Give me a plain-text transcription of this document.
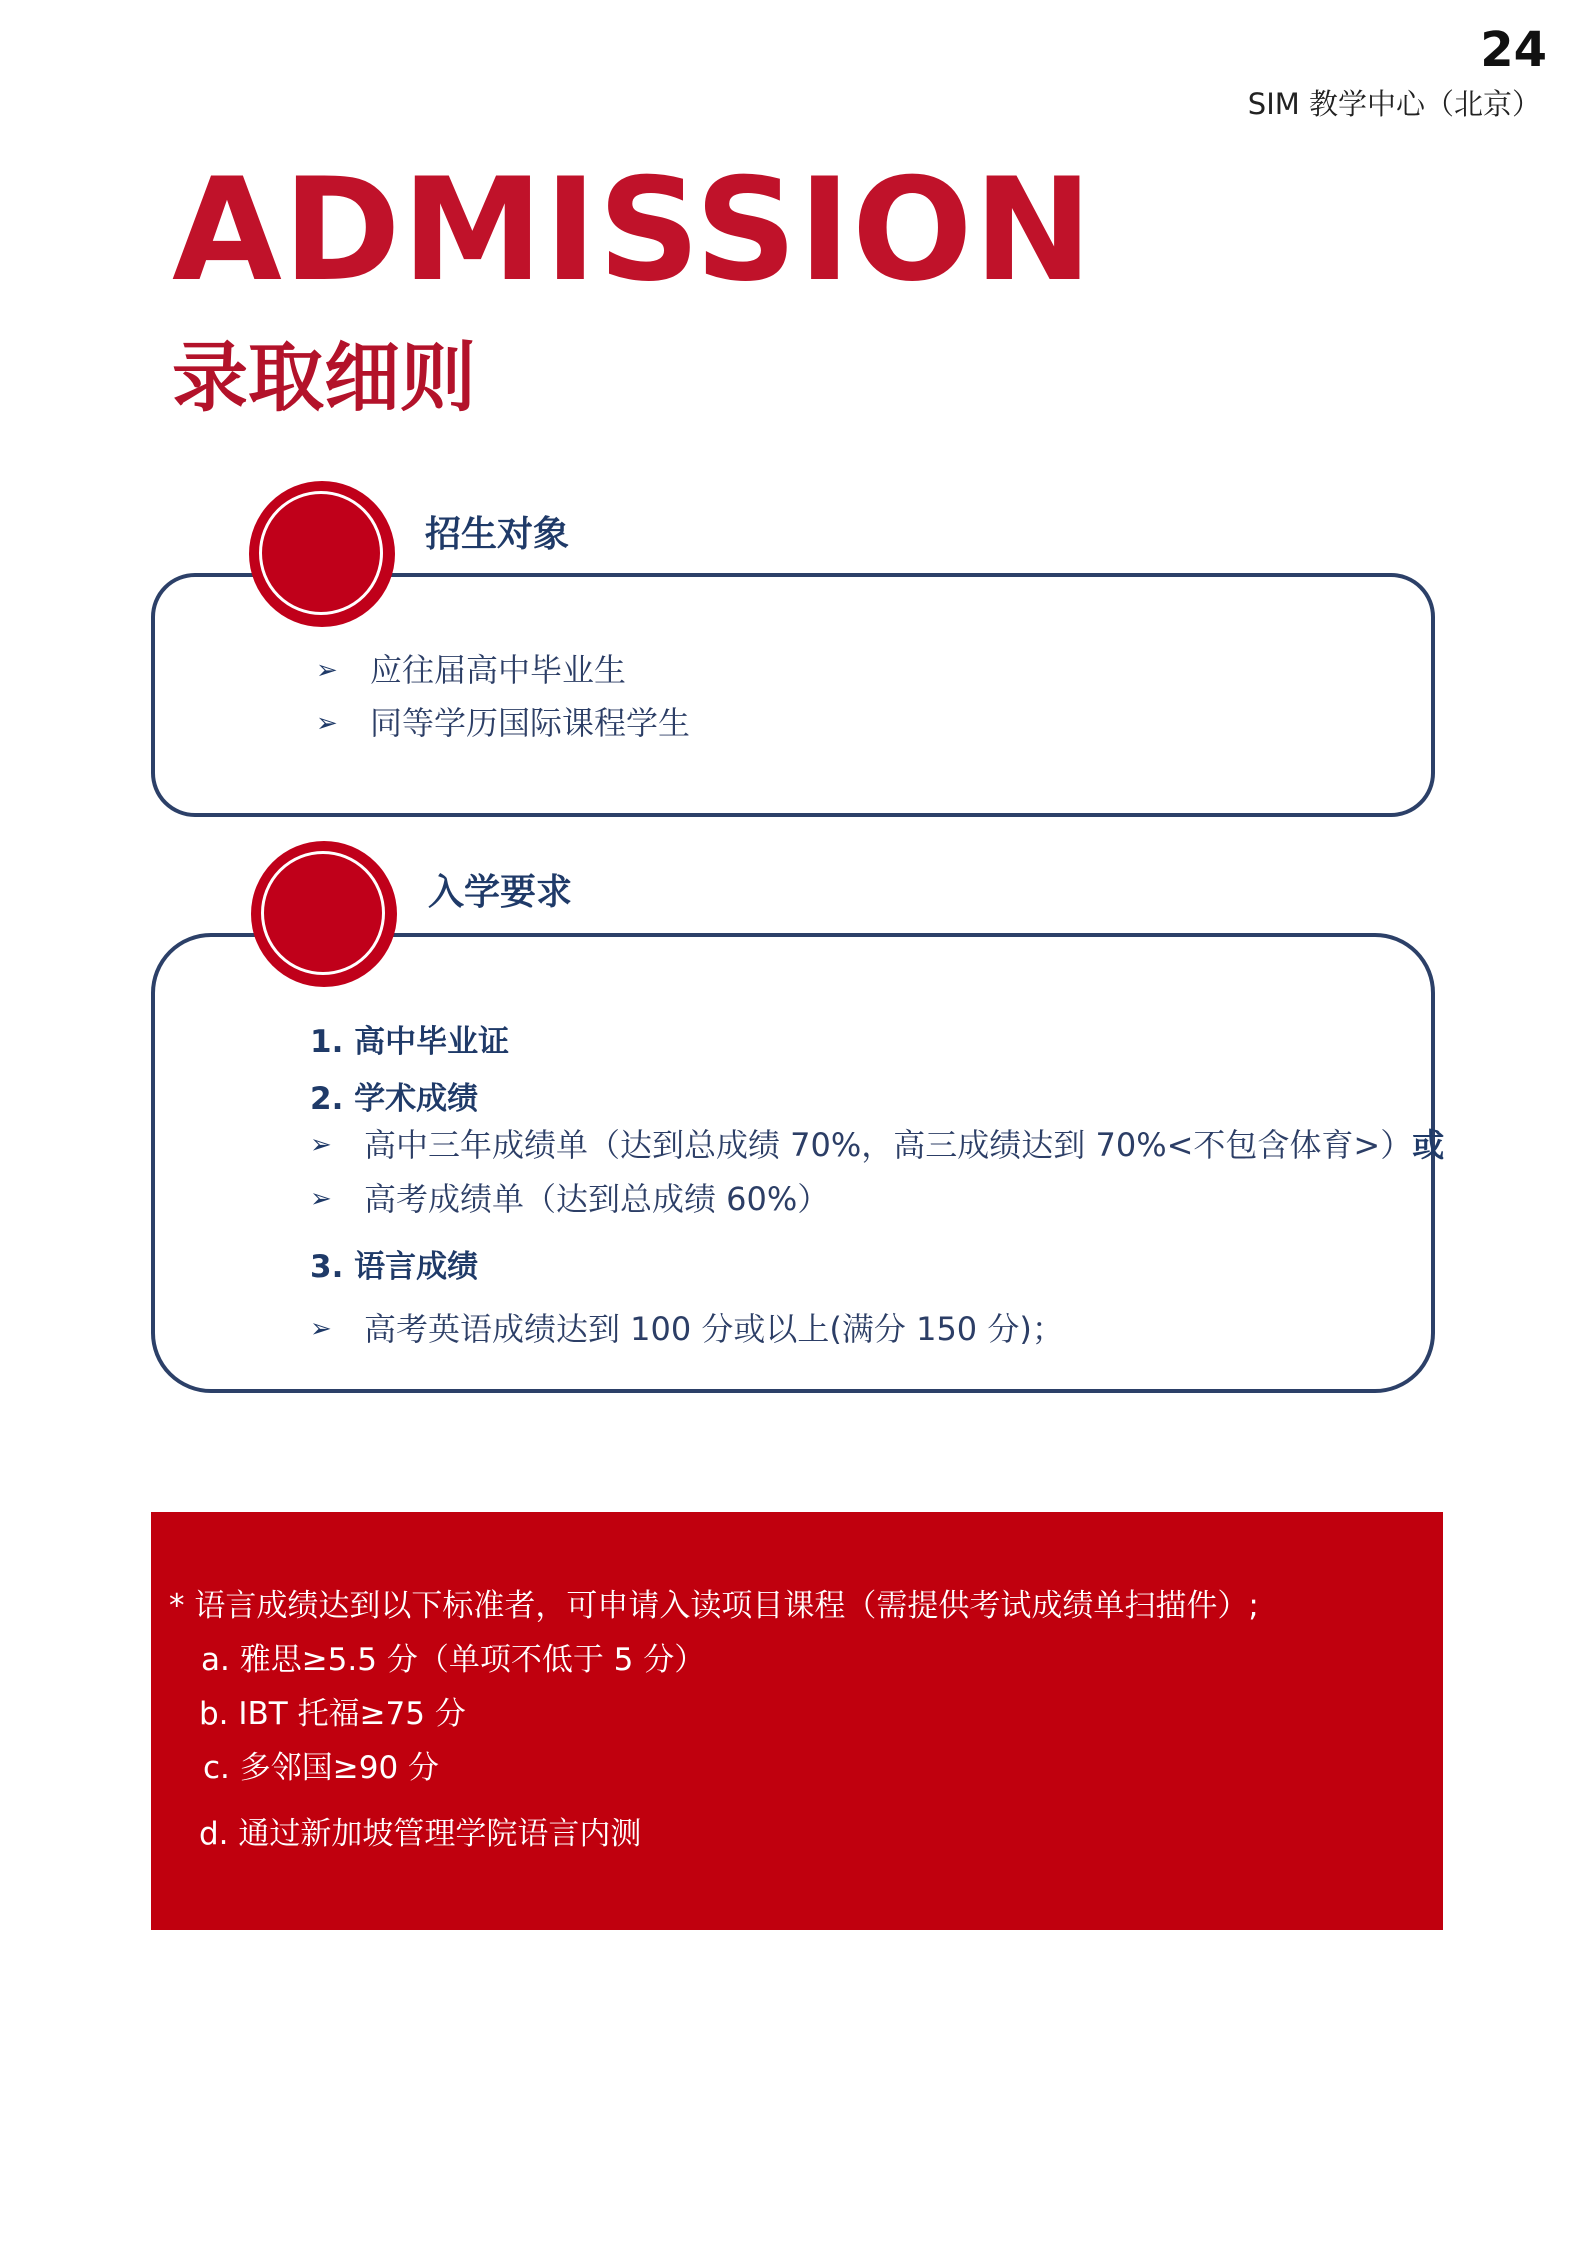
24
SIM 教学中心（北京）
ADMISSION
录取细则
招生对象
➢ 应往届高中毕业生
➢ 同等学历国际课程学生
入学要求
1. 高中毕业证
2. 学术成绩
➢ 高中三年成绩单（达到总成绩 70%，高三成绩达到 70%<不包含体育>）或
➢ 高考成绩单（达到总成绩 60%）
3. 语言成绩
➢ 高考英语成绩达到 100 分或以上(满分 150 分)；
* 语言成绩达到以下标准者，可申请入读项目课程（需提供考试成绩单扫描件）;
a. 雅思≥5.5 分（单项不低于 5 分）
b. IBT 托福≥75 分
c. 多邻国≥90 分
d. 通过新加坡管理学院语言内测
